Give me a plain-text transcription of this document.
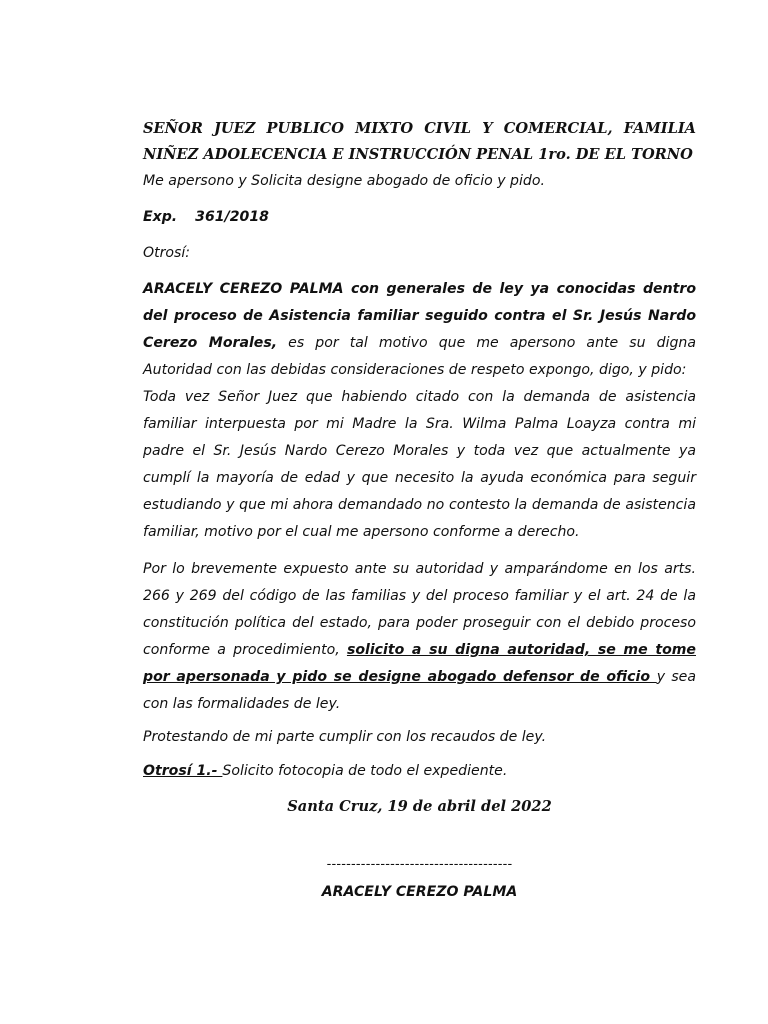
SEÑOR JUEZ PUBLICO MIXTO CIVIL Y COMERCIAL, FAMILIA
NIÑEZ ADOLECENCIA E INSTRUCCIÓN PENAL 1ro. DE EL TORNO

Me apersono y Solicita designe abogado de oficio y pido.

Exp. 361/2018

Otrosí:

ARACELY CEREZO PALMA con generales de ley ya conocidas dentro del proceso de Asistencia familiar seguido contra el Sr. Jesús Nardo Cerezo Morales, es por tal motivo que me apersono ante su digna Autoridad con las debidas consideraciones de respeto expongo, digo, y pido:

Toda vez Señor Juez que habiendo citado con la demanda de asistencia familiar interpuesta por mi Madre la Sra. Wilma Palma Loayza contra mi padre el Sr. Jesús Nardo Cerezo Morales y toda vez que actualmente ya cumplí la mayoría de edad y que necesito la ayuda económica para seguir estudiando y que mi ahora demandado no contesto la demanda de asistencia familiar, motivo por el cual me apersono conforme a derecho.

Por lo brevemente expuesto ante su autoridad y amparándome en los arts. 266 y 269 del código de las familias y del proceso familiar y el art. 24 de la constitución política del estado, para poder proseguir con el debido proceso conforme a procedimiento, solicito a su digna autoridad, se me tome por apersonada y pido se designe abogado defensor de oficio y sea con las formalidades de ley.

Protestando de mi parte cumplir con los recaudos de ley.

Otrosí 1.- Solicito fotocopia de todo el expediente.

Santa Cruz, 19 de abril del 2022

--------------------------------------

ARACELY CEREZO PALMA
